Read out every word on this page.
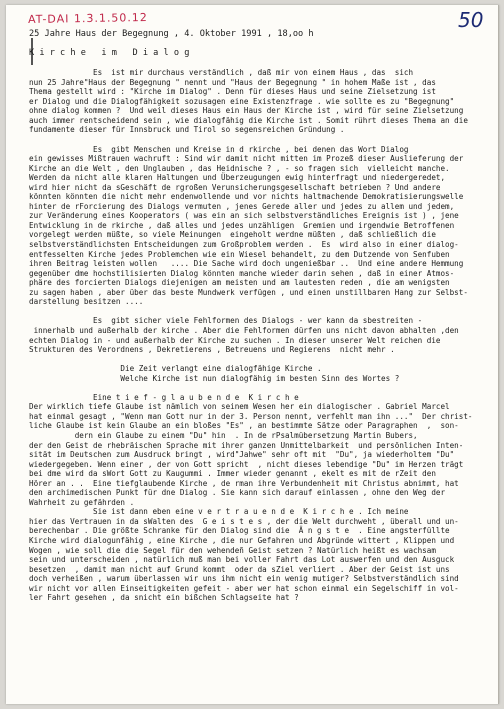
AT-DAI 1.3.1.50.12	50
25 Jahre Haus der Begegnung , 4. Oktober 1991 , 18,oo h

K i r c h e   i m   D i a l o g

Es  ist mir durchaus verständlich , daß mir von einem Haus , das  sich
nun 25 Jahre"Haus der Begegnung " nennt und "Haus der Begegnung " in hohem Maße ist , das
Thema gestellt wird : "Kirche im Dialog" . Denn für dieses Haus und seine Zielsetzung ist
er Dialog und die Dialogfähigkeit sozusagen eine Existenzfrage . wie sollte es zu "Begegnung"
ohne dialog kommen ?  Und weil dieses Haus ein Haus der Kirche ist , wird für seine Zielsetzung
auch immer rentscheidend sein , wie dialogfähig die Kirche ist . Somit rührt dieses Thema an die
fundamente dieser für Innsbruck und Tirol so segensreichen Gründung .

Es  gibt Menschen und Kreise in d rkirche , bei denen das Wort Dialog
ein gewisses Mißtrauen wachruft : Sind wir damit nicht mitten im Prozeß dieser Auslieferung der
Kirche an die Welt , den Unglauben , das Heidnische ? , - so fragen sich  vielleicht manche.
Werden da nicht alle klaren Haltungen und Überzeugungen ewig hinterfragt und niedergeredet,
wird hier nicht da sGeschäft de rgroßen Verunsicherungsgesellschaft betrieben ? Und andere
könnten könnten die nicht mehr endenwollende und vor nichts haltmachende Demokratisierungswelle
hinter de rForcierung des Dialogs vermuten , jenes Gerede aller und jedes zu allem und jedem,
zur Veränderung eines Kooperators ( was ein an sich selbstverständliches Ereignis ist ) , jene
Entwicklung in de rkirche , daß alles und jedes unzähligen  Gremien und irgendwie Betroffenen
vorgelegt werden müßte, so viele Meinungen  eingeholt werdne müßten , daß schließlich die
selbstverständlichsten Entscheidungen zum Großproblem werden .  Es  wird also in einer dialog-
entfesselten Kirche jedes Problemchen wie ein Wiesel behandelt, zu dem Dutzende von Senfuben
ihren Beitrag leisten wollen   .... Die Sache wird doch ungenießbar ..  Und eine andere Hemmung
gegenüber dme hochstilisierten Dialog könnten manche wieder darin sehen , daß in einer Atmos-
phäre des forcierten Dialogs diejenigen am meisten und am lautesten reden , die am wenigsten
zu sagen haben , aber über das beste Mundwerk verfügen , und einen unstillbaren Hang zur Selbst-
darstellung besitzen ....

Es  gibt sicher viele Fehlformen des Dialogs - wer kann da sbestreiten -
innerhalb und außerhalb der kirche . Aber die Fehlformen dürfen uns nicht davon abhalten ,den
echten Dialog in - und außerhalb der Kirche zu suchen . In dieser unserer Welt reichen die
Strukturen des Verordnens , Dekretierens , Betreuens und Regierens  nicht mehr .

Die Zeit verlangt eine dialogfähige Kirche .
Welche Kirche ist nun dialogfähig im besten Sinn des Wortes ?

Eine t i e f - g l a u b e n d e  K i r c h e
Der wirklich tiefe Glaube ist nämlich von seinem Wesen her ein dialogischer . Gabriel Marcel
hat einmal gesagt , "Wenn man Gott nur in der 3. Person nennt, verfehlt man ihn ..."  Der christ-
liche Glaube ist kein Glaube an ein bloßes "Es" , an bestimmte Sätze oder Paragraphen  ,  son-
dern ein Glaube zu einem "Du" hin  . In de rPsalmübersetzung Martin Bubers,
der den Geist de rhebräischen Sprache mit ihrer ganzen Unmittelbarkeit  und persönlichen Inten-
sität im Deutschen zum Ausdruck bringt , wird"Jahwe" sehr oft mit  "Du", ja wiederholtem "Du"
wiedergegeben. Wenn einer , der von Gott spricht  , nicht dieses lebendige "Du" im Herzen trägt
bei dme wird da sWort Gott zu Kaugummi . Immer wieder genannt , ekelt es mit de rZeit den
Hörer an . .  Eine tiefglaubende Kirche , de rman ihre Verbundenheit mit Christus abnimmt, hat
den archimedischen Punkt für dne Dialog . Sie kann sich darauf einlassen , ohne den Weg der
Wahrheit zu gefährden .
Sie ist dann eben eine v e r t r a u e n d e  K i r c h e . Ich meine
hier das Vertrauen in da sWalten des  G e i s t e s , der die Welt durchweht , überall und un-
berechenbar . Die größte Schranke für den Dialog sind die  Ä n g s t e  . Eine angsterfüllte
Kirche wird dialogunfähig , eine Kirche , die nur Gefahren und Abgründe wittert , Klippen und
Wogen , wie soll die die Segel für den wehendeñ Geist setzen ? Natürlich heißt es wachsam
sein und unterscheiden , natürlich muß man bei voller Fahrt das Lot auswerfen und den Ausguck
besetzen  , damit man nicht auf Grund kommt  oder da sZiel verliert . Aber der Geist ist uns
doch verheißen , warum überlassen wir uns ihm nicht ein wenig mutiger? Selbstverständlich sind
wir nicht vor allen Einseitigkeiten gefeit - aber wer hat schon einmal ein Segelschiff in vol-
ler Fahrt gesehen , da snicht ein bißchen Schlagseite hat ?
